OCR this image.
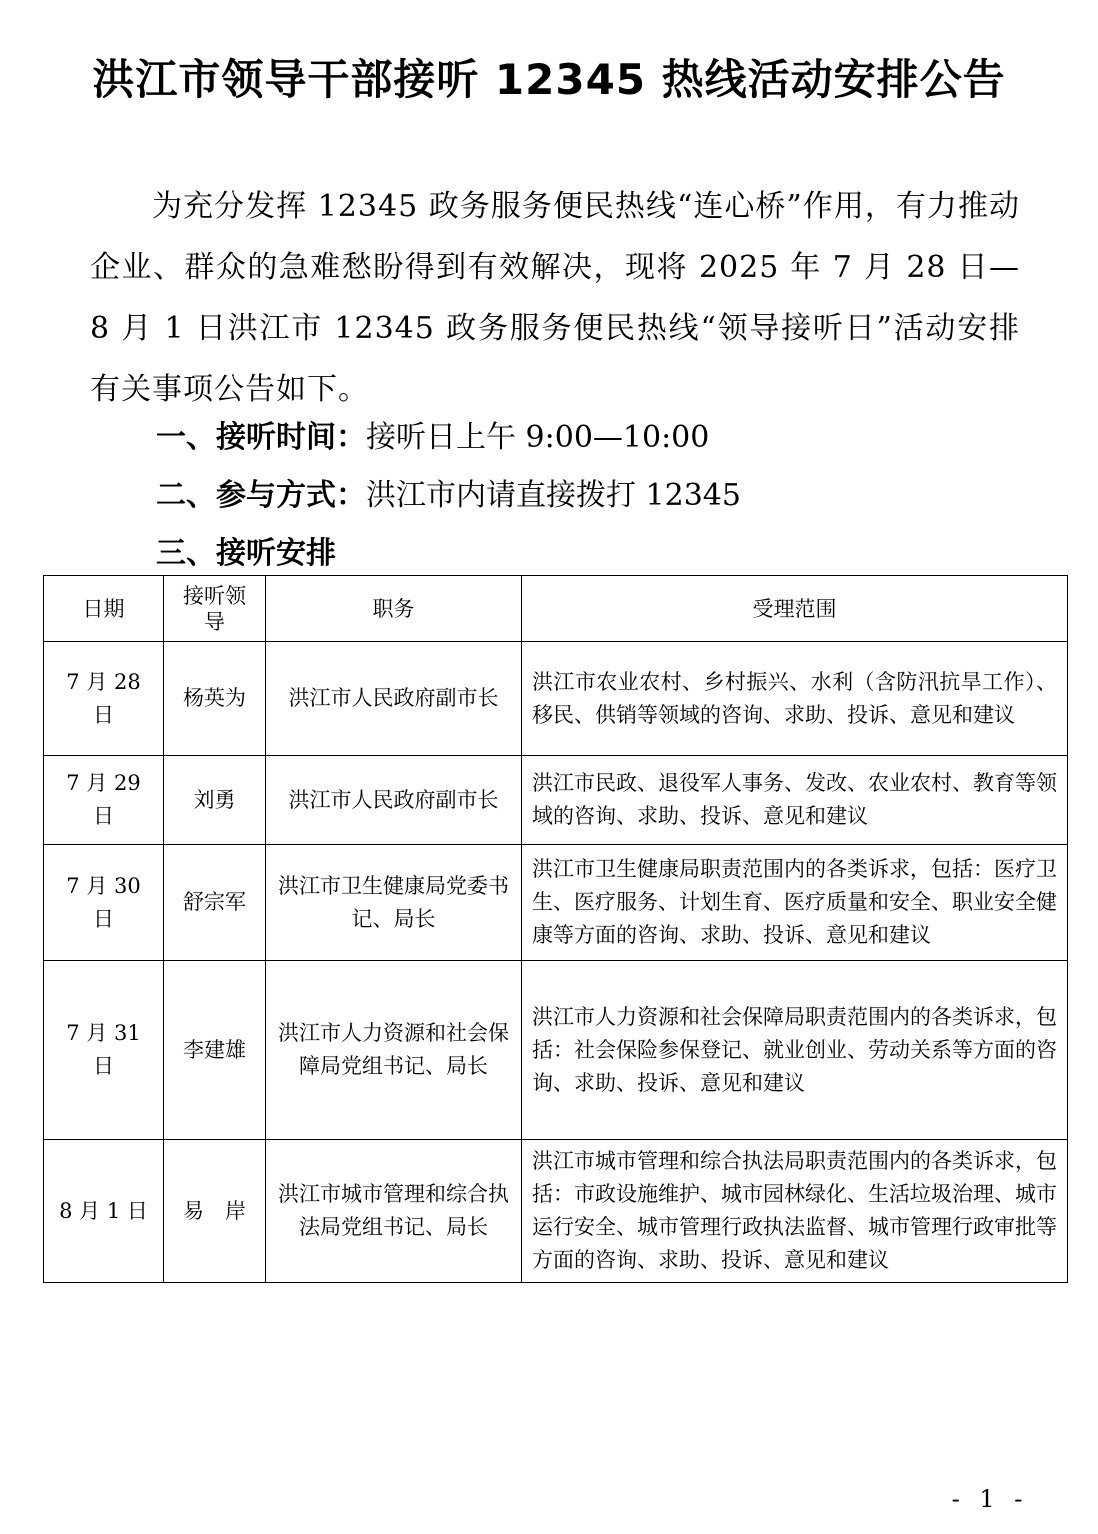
洪江市领导干部接听 12345 热线活动安排公告
为充分发挥 12345 政务服务便民热线“连心桥”作用，有力推动企业、群众的急难愁盼得到有效解决，现将 2025 年 7 月 28 日—8 月 1 日洪江市 12345 政务服务便民热线“领导接听日”活动安排有关事项公告如下。
一、接听时间：接听日上午 9:00—10:00
二、参与方式：洪江市内请直接拨打 12345
三、接听安排
日期	接听领导	职务	受理范围
7 月 28 日	杨英为	洪江市人民政府副市长	洪江市农业农村、乡村振兴、水利（含防汛抗旱工作）、移民、供销等领域的咨询、求助、投诉、意见和建议
7 月 29 日	刘勇	洪江市人民政府副市长	洪江市民政、退役军人事务、发改、农业农村、教育等领域的咨询、求助、投诉、意见和建议
7 月 30 日	舒宗军	洪江市卫生健康局党委书记、局长	洪江市卫生健康局职责范围内的各类诉求，包括：医疗卫生、医疗服务、计划生育、医疗质量和安全、职业安全健康等方面的咨询、求助、投诉、意见和建议
7 月 31 日	李建雄	洪江市人力资源和社会保障局党组书记、局长	洪江市人力资源和社会保障局职责范围内的各类诉求，包括：社会保险参保登记、就业创业、劳动关系等方面的咨询、求助、投诉、意见和建议
8 月 1 日	易　岸	洪江市城市管理和综合执法局党组书记、局长	洪江市城市管理和综合执法局职责范围内的各类诉求，包括：市政设施维护、城市园林绿化、生活垃圾治理、城市运行安全、城市管理行政执法监督、城市管理行政审批等方面的咨询、求助、投诉、意见和建议
- 1 -
